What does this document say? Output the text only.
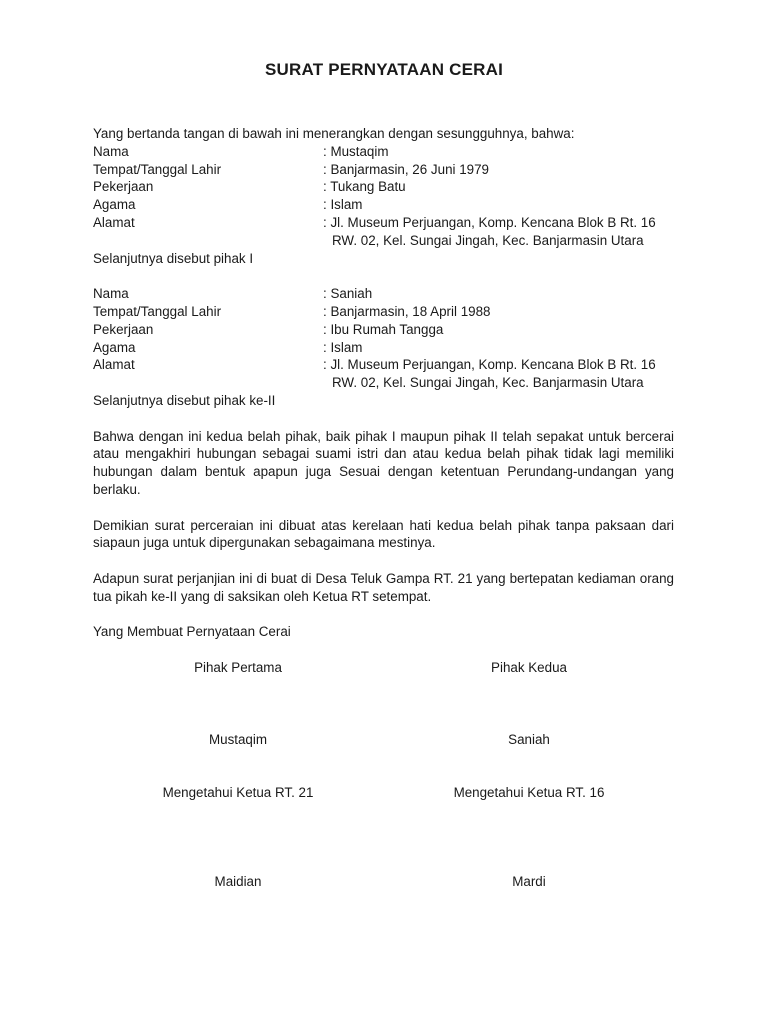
SURAT PERNYATAAN CERAI
Yang bertanda tangan di bawah ini menerangkan dengan sesungguhnya, bahwa:
Nama	: Mustaqim
Tempat/Tanggal Lahir	: Banjarmasin, 26 Juni 1979
Pekerjaan	: Tukang Batu
Agama	: Islam
Alamat	: Jl. Museum Perjuangan, Komp. Kencana Blok B Rt. 16
RW. 02, Kel. Sungai Jingah, Kec. Banjarmasin Utara
Selanjutnya disebut pihak I
Nama	: Saniah
Tempat/Tanggal Lahir	: Banjarmasin, 18 April 1988
Pekerjaan	: Ibu Rumah Tangga
Agama	: Islam
Alamat	: Jl. Museum Perjuangan, Komp. Kencana Blok B Rt. 16
RW. 02, Kel. Sungai Jingah, Kec. Banjarmasin Utara
Selanjutnya disebut pihak ke-II
Bahwa dengan ini kedua belah pihak, baik pihak I maupun pihak II telah sepakat untuk bercerai atau mengakhiri hubungan sebagai suami istri dan atau kedua belah pihak tidak lagi memiliki hubungan dalam bentuk apapun juga Sesuai dengan ketentuan Perundang-undangan yang berlaku.
Demikian surat perceraian ini dibuat atas kerelaan hati kedua belah pihak tanpa paksaan dari siapaun juga untuk dipergunakan sebagaimana mestinya.
Adapun surat perjanjian ini di buat di Desa Teluk Gampa RT. 21 yang bertepatan kediaman orang tua pikah ke-II yang di saksikan oleh Ketua RT setempat.
Yang Membuat Pernyataan Cerai
Pihak Pertama	Pihak Kedua
Mustaqim	Saniah
Mengetahui Ketua RT. 21	Mengetahui Ketua RT. 16
Maidian	Mardi
